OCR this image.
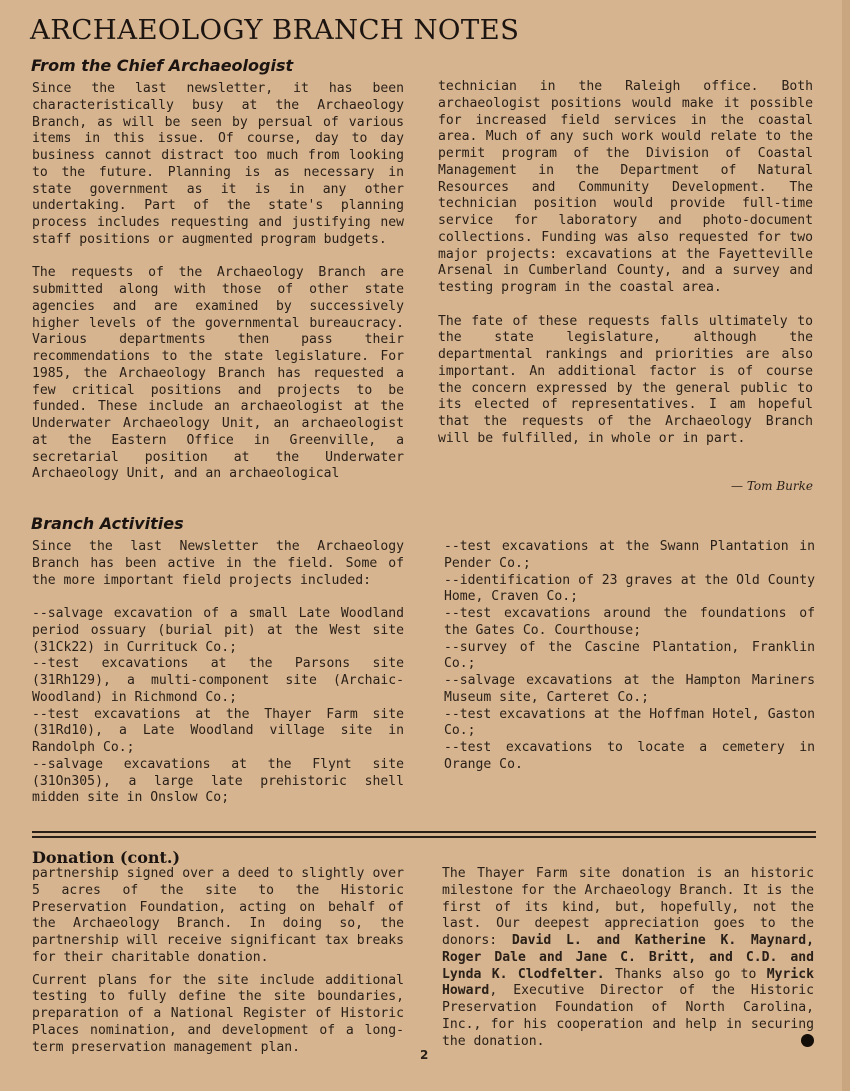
ARCHAEOLOGY BRANCH NOTES
From the Chief Archaeologist

Since the last newsletter, it has been characteristically busy at the Archaeology Branch, as will be seen by persual of various items in this issue. Of course, day to day business cannot distract too much from looking to the future. Planning is as necessary in state government as it is in any other undertaking. Part of the state's planning process includes requesting and justifying new staff positions or augmented program budgets.

The requests of the Archaeology Branch are submitted along with those of other state agencies and are examined by successively higher levels of the governmental bureaucracy. Various departments then pass their recommendations to the state legislature. For 1985, the Archaeology Branch has requested a few critical positions and projects to be funded. These include an archaeologist at the Underwater Archaeology Unit, an archaeologist at the Eastern Office in Greenville, a secretarial position at the Underwater Archaeology Unit, and an archaeological

technician in the Raleigh office. Both archaeologist positions would make it possible for increased field services in the coastal area. Much of any such work would relate to the permit program of the Division of Coastal Management in the Department of Natural Resources and Community Development. The technician position would provide full-time service for laboratory and photo-document collections. Funding was also requested for two major projects: excavations at the Fayetteville Arsenal in Cumberland County, and a survey and testing program in the coastal area.

The fate of these requests falls ultimately to the state legislature, although the departmental rankings and priorities are also important. An additional factor is of course the concern expressed by the general public to its elected of representatives. I am hopeful that the requests of the Archaeology Branch will be fulfilled, in whole or in part.

— Tom Burke

Branch Activities

Since the last Newsletter the Archaeology Branch has been active in the field. Some of the more important field projects included:

--salvage excavation of a small Late Woodland period ossuary (burial pit) at the West site (31Ck22) in Currituck Co.;

--test excavations at the Parsons site (31Rh129), a multi-component site (Archaic-Woodland) in Richmond Co.;

--test excavations at the Thayer Farm site (31Rd10), a Late Woodland village site in Randolph Co.;

--salvage excavations at the Flynt site (31On305), a large late prehistoric shell midden site in Onslow Co;

--test excavations at the Swann Plantation in Pender Co.;

--identification of 23 graves at the Old County Home, Craven Co.;

--test excavations around the foundations of the Gates Co. Courthouse;

--survey of the Cascine Plantation, Franklin Co.;

--salvage excavations at the Hampton Mariners Museum site, Carteret Co.;

--test excavations at the Hoffman Hotel, Gaston Co.;

--test excavations to locate a cemetery in Orange Co.

Donation (cont.)

partnership signed over a deed to slightly over 5 acres of the site to the Historic Preservation Foundation, acting on behalf of the Archaeology Branch. In doing so, the partnership will receive significant tax breaks for their charitable donation.

Current plans for the site include additional testing to fully define the site boundaries, preparation of a National Register of Historic Places nomination, and development of a long-term preservation management plan.

The Thayer Farm site donation is an historic milestone for the Archaeology Branch. It is the first of its kind, but, hopefully, not the last. Our deepest appreciation goes to the donors: David L. and Katherine K. Maynard, Roger Dale and Jane C. Britt, and C.D. and Lynda K. Clodfelter. Thanks also go to Myrick Howard, Executive Director of the Historic Preservation Foundation of North Carolina, Inc., for his cooperation and help in securing the donation.

2
